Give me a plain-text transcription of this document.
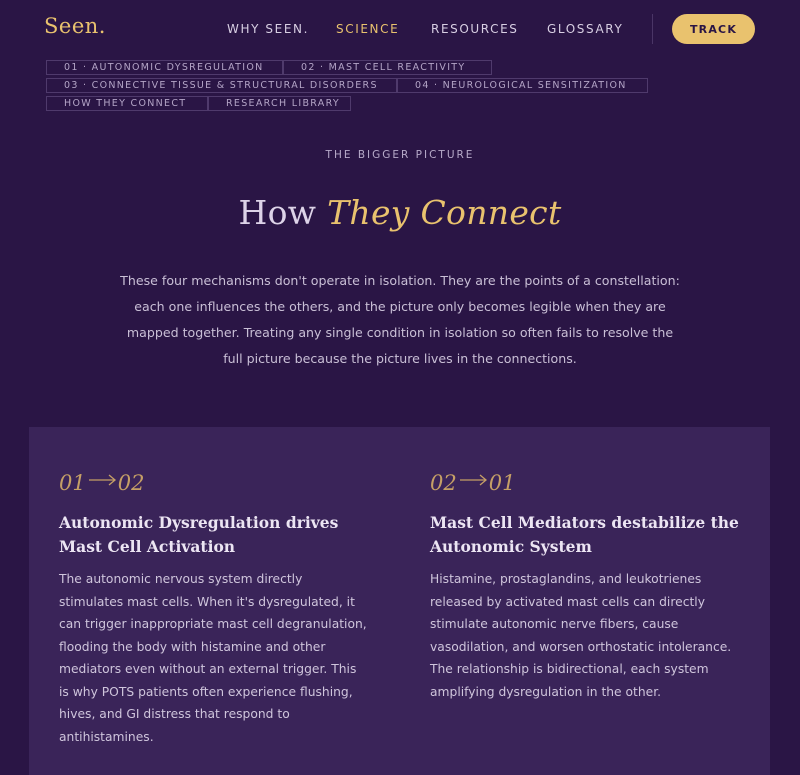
Seen.	WHY SEEN. SCIENCE	RESOURCES GLOSSARY	TRACK
01 · AUTONOMIC DYSREGULATION	02 · MAST CELL REACTIVITY
03 · CONNECTIVE TISSUE & STRUCTURAL DISORDERS	04 · NEUROLOGICAL SENSITIZATION
HOW THEY CONNECT	RESEARCH LIBRARY
THE BIGGER PICTURE
How They Connect

These four mechanisms don't operate in isolation. They are the points of a constellation: each one influences the others, and the picture only becomes legible when they are mapped together. Treating any single condition in isolation so often fails to resolve the full picture because the picture lives in the connections.

01 02
Autonomic Dysregulation drives Mast Cell Activation

The autonomic nervous system directly stimulates mast cells. When it's dysregulated, it can trigger inappropriate mast cell degranulation, flooding the body with histamine and other mediators even without an external trigger. This is why POTS patients often experience flushing, hives, and GI distress that respond to antihistamines.

02 01
Mast Cell Mediators destabilize the Autonomic System

Histamine, prostaglandins, and leukotrienes released by activated mast cells can directly stimulate autonomic nerve fibers, cause vasodilation, and worsen orthostatic intolerance. The relationship is bidirectional, each system amplifying dysregulation in the other.
